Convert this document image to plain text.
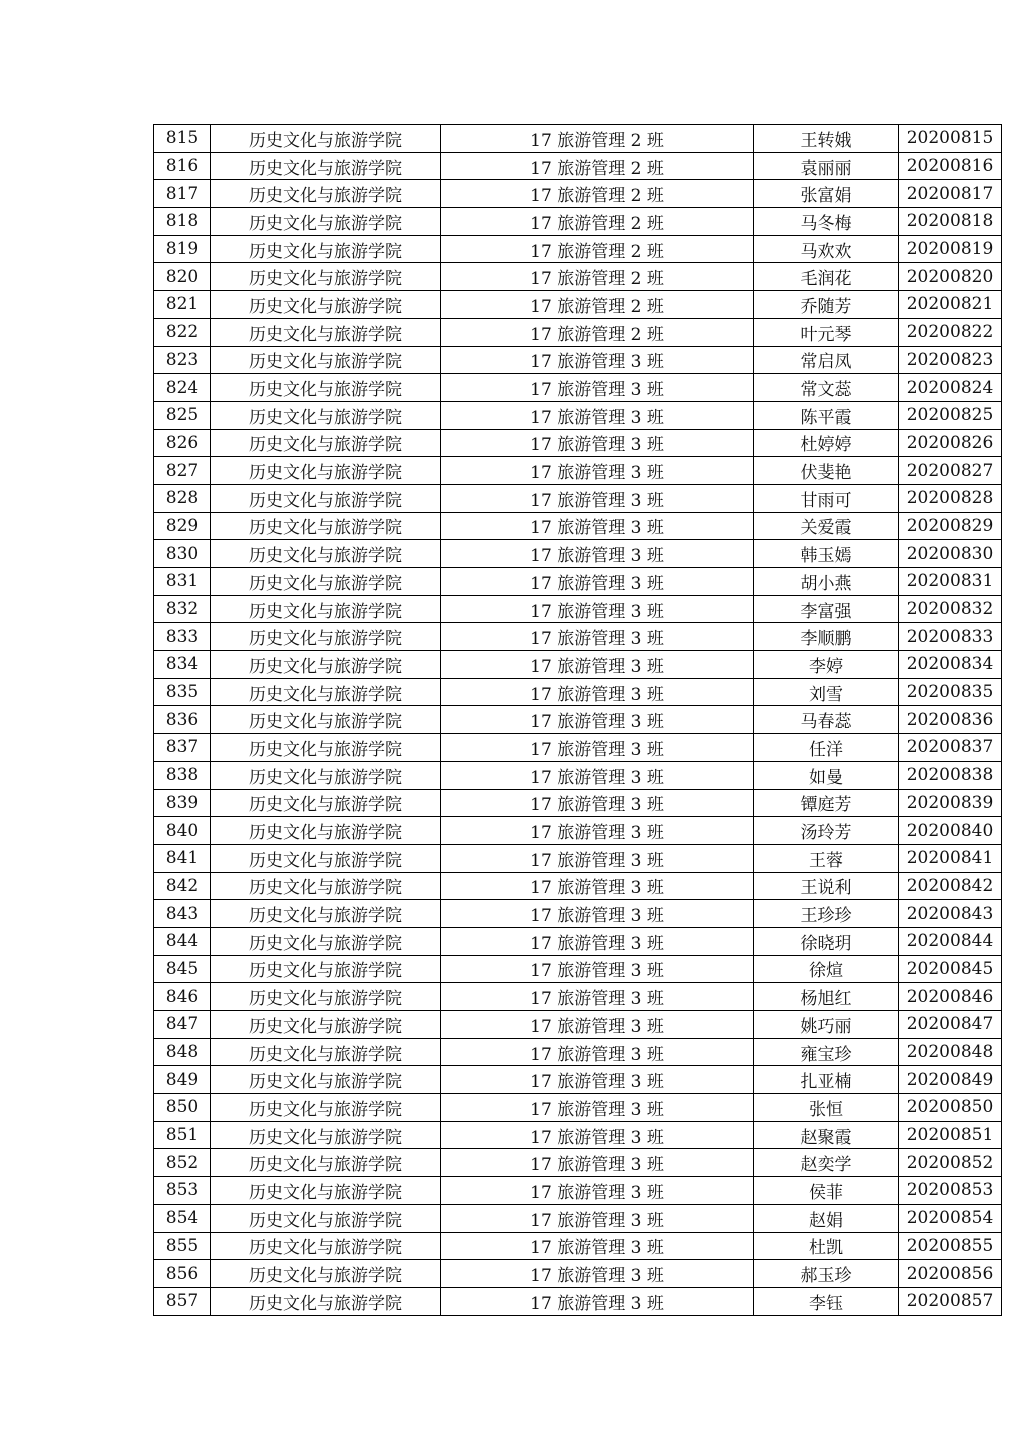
815	历史文化与旅游学院	17 旅游管理 2 班	王转娥	20200815
816	历史文化与旅游学院	17 旅游管理 2 班	袁丽丽	20200816
817	历史文化与旅游学院	17 旅游管理 2 班	张富娟	20200817
818	历史文化与旅游学院	17 旅游管理 2 班	马冬梅	20200818
819	历史文化与旅游学院	17 旅游管理 2 班	马欢欢	20200819
820	历史文化与旅游学院	17 旅游管理 2 班	毛润花	20200820
821	历史文化与旅游学院	17 旅游管理 2 班	乔随芳	20200821
822	历史文化与旅游学院	17 旅游管理 2 班	叶元琴	20200822
823	历史文化与旅游学院	17 旅游管理 3 班	常启凤	20200823
824	历史文化与旅游学院	17 旅游管理 3 班	常文蕊	20200824
825	历史文化与旅游学院	17 旅游管理 3 班	陈平霞	20200825
826	历史文化与旅游学院	17 旅游管理 3 班	杜婷婷	20200826
827	历史文化与旅游学院	17 旅游管理 3 班	伏斐艳	20200827
828	历史文化与旅游学院	17 旅游管理 3 班	甘雨可	20200828
829	历史文化与旅游学院	17 旅游管理 3 班	关爱霞	20200829
830	历史文化与旅游学院	17 旅游管理 3 班	韩玉嫣	20200830
831	历史文化与旅游学院	17 旅游管理 3 班	胡小燕	20200831
832	历史文化与旅游学院	17 旅游管理 3 班	李富强	20200832
833	历史文化与旅游学院	17 旅游管理 3 班	李顺鹏	20200833
834	历史文化与旅游学院	17 旅游管理 3 班	李婷	20200834
835	历史文化与旅游学院	17 旅游管理 3 班	刘雪	20200835
836	历史文化与旅游学院	17 旅游管理 3 班	马春蕊	20200836
837	历史文化与旅游学院	17 旅游管理 3 班	任洋	20200837
838	历史文化与旅游学院	17 旅游管理 3 班	如曼	20200838
839	历史文化与旅游学院	17 旅游管理 3 班	镡庭芳	20200839
840	历史文化与旅游学院	17 旅游管理 3 班	汤玲芳	20200840
841	历史文化与旅游学院	17 旅游管理 3 班	王蓉	20200841
842	历史文化与旅游学院	17 旅游管理 3 班	王说利	20200842
843	历史文化与旅游学院	17 旅游管理 3 班	王珍珍	20200843
844	历史文化与旅游学院	17 旅游管理 3 班	徐晓玥	20200844
845	历史文化与旅游学院	17 旅游管理 3 班	徐煊	20200845
846	历史文化与旅游学院	17 旅游管理 3 班	杨旭红	20200846
847	历史文化与旅游学院	17 旅游管理 3 班	姚巧丽	20200847
848	历史文化与旅游学院	17 旅游管理 3 班	雍宝珍	20200848
849	历史文化与旅游学院	17 旅游管理 3 班	扎亚楠	20200849
850	历史文化与旅游学院	17 旅游管理 3 班	张恒	20200850
851	历史文化与旅游学院	17 旅游管理 3 班	赵聚霞	20200851
852	历史文化与旅游学院	17 旅游管理 3 班	赵奕学	20200852
853	历史文化与旅游学院	17 旅游管理 3 班	侯菲	20200853
854	历史文化与旅游学院	17 旅游管理 3 班	赵娟	20200854
855	历史文化与旅游学院	17 旅游管理 3 班	杜凯	20200855
856	历史文化与旅游学院	17 旅游管理 3 班	郝玉珍	20200856
857	历史文化与旅游学院	17 旅游管理 3 班	李钰	20200857
